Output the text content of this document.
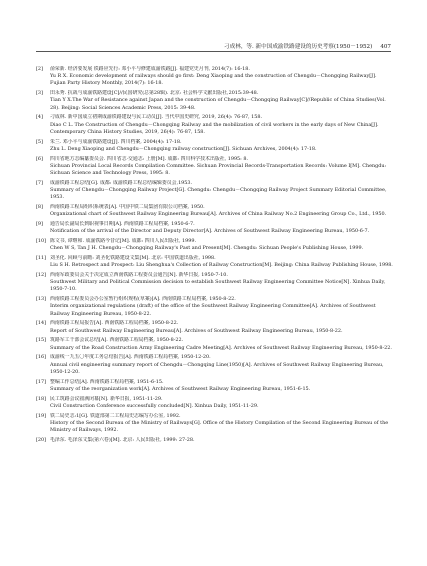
刁成林，等. 新中国成渝铁路建设的历史考察(1950－1952) 407
[2]	俞荣新. 经济要发展 铁路应先行: 邓小平与修建成渝铁路[J]. 福建党史月刊, 2014(7): 16-18.
Yu R X. Economic development of railways should go first: Deng Xiaoping and the construction of Chengdu－Chongqing Railway[J].
Fujian Party History Monthly, 2014(7): 16-18.
[3]	田永秀. 抗战与成渝铁路建设[C]//民国研究(总第28辑). 北京: 社会科学文献出版社,2015:39-48.
Tian Y X.The War of Resistance against Japan and the construction of Chengdu－Chongqing Railway[C]//Republic of China Studies(Vol.
28). Beijing: Social Sciences Academic Press, 2015: 39-48.
[4]	刁成林. 新中国成立初期成渝铁路建设与民工动员[J]. 当代中国史研究, 2019, 26(4): 76-87, 158.
Diao C L. The Construction of Chengdu－Chongqing Railway and the mobilization of civil workers in the early days of New China[J].
Contemporary China History Studies, 2019, 26(4): 76-87, 158.
[5]	朱兰. 邓小平与成渝铁路建设[J]. 四川档案, 2004(4): 17-18.
Zhu L. Deng Xiaoping and Chengdu－Chongqing railway construction[J]. Sichuan Archives, 2004(4): 17-18.
[6]	四川省地方志编纂委员会. 四川省志·交通志: 上册[M]. 成都: 四川科学技术出版社, 1995: 8.
Sichuan Provincial Local Records Compilation Committee. Sichuan Provincial Records-Transportation Records: Volume I[M]. Chengdu:
Sichuan Science and Technology Press, 1995: 8.
[7]	成渝铁路工程总结[G]. 成都: 成渝铁路工程总结编辑委员会,1953.
Summary of Chengdu－Chongqing Railway Project[G]. Chengdu: Chengdu－Chongqing Railway Project Summary Editorial Committee,
1953.
[8]	西南铁路工程局组织系统表[A]. 中国中铁二局集团有限公司档案, 1950.
Organizational chart of Southwest Railway Engineering Bureau[A]. Archives of China Railway No.2 Engineering Group Co., Ltd., 1950.
[9]	通告局长副局长到职视事日期[A]. 西南铁路工程局档案, 1950-6-7.
Notification of the arrival of the Director and Deputy Director[A]. Archives of Southwest Railway Engineering Bureau, 1950-6-7.
[10] 陈文书, 谭继和. 成渝铁路今昔记[M]. 成都: 四川人民出版社, 1999.
Chen W S, Tan J H. Chengdu－Chongqing Railway's Past and Present[M]. Chengdu: Sichuan People's Publishing House, 1999.
[11] 刘圣化. 回顾与前瞻: 刘圣化铁路建设文集[M]. 北京: 中国铁道出版社, 1998.
Liu S H. Retrospect and Prospect: Liu Shenghua's Collection of Railway Construction[M]. Beijing: China Railway Publishing House, 1998.
[12] 西南军政委员会关于决定成立西南铁路工程委员会通告[N]. 新华日报, 1950-7-10.
Southwest Military and Political Commission decision to establish Southwest Railway Engineering Committee Notice[N]. Xinhua Daily,
1950-7-10.
[13] 西南铁路工程委员会办公室暂行组织规程(草案)[A]. 西南铁路工程局档案, 1950-8-22.
Interim organizational regulations (draft) of the office of the Southwest Railway Engineering Committee[A]. Archives of Southwest
Railway Engineering Bureau, 1950-8-22.
[14] 西南铁路工程局报告[A]. 西南铁路工程局档案, 1950-8-22.
Report of Southwest Railway Engineering Bureau[A]. Archives of Southwest Railway Engineering Bureau, 1950-8-22.
[15] 筑路军工干部会议总结[A]. 西南铁路工程局档案, 1950-8-22.
Summary of the Road Construction Army Engineering Cadre Meeting[A]. Archives of Southwest Railway Engineering Bureau, 1950-8-22.
[16] 成渝线一九五〇年度工务总结报告[A]. 西南铁路工程局档案, 1950-12-20.
Annual civil engineering summary report of Chengdu－Chongqing Line(1950)[A]. Archives of Southwest Railway Engineering Bureau,
1950-12-20.
[17] 整编工作总结[A]. 西南铁路工程局档案, 1951-6-15.
Summary of the reorganization work[A]. Archives of Southwest Railway Engineering Bureau, 1951-6-15.
[18] 民工筑路会议圆满闭幕[N]. 新华日报, 1951-11-29.
Civil Construction Conference successfully concluded[N]. Xinhua Daily, 1951-11-29.
[19] 铁二局史志:1[G]. 铁道部第二工程局史志编写办公室, 1992.
History of the Second Bureau of the Ministry of Railways[G]. Office of the History Compilation of the Second Engineering Bureau of the
Ministry of Railways, 1992.
[20] 毛泽东. 毛泽东文集(第六卷)[M]. 北京: 人民出版社, 1999: 27-28.
